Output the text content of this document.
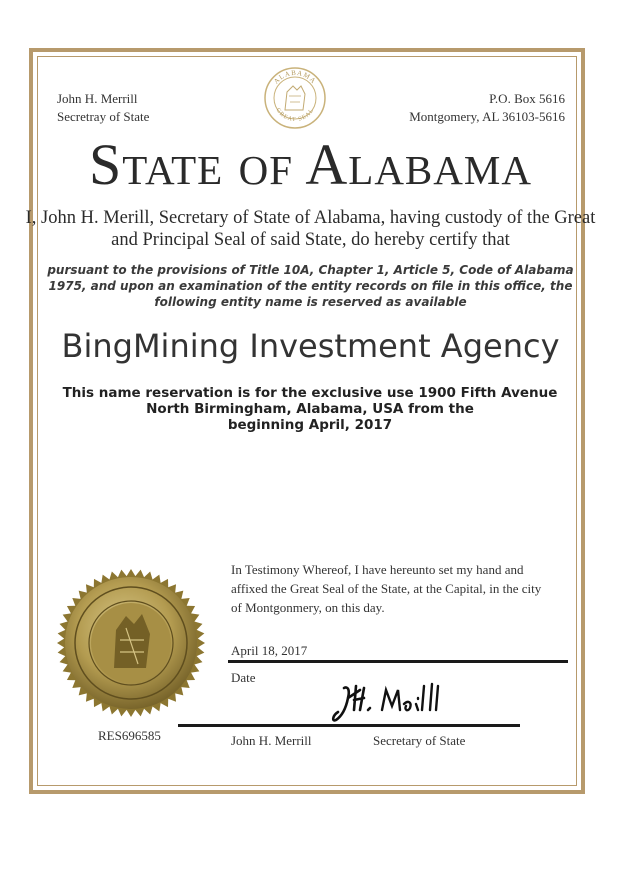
John H. Merrill
Secretray of State
ALABAMA
GREAT SEAL
P.O. Box 5616
Montgomery, AL 36103-5616
State of Alabama
I, John H. Merill, Secretary of State of Alabama, having custody of the Great and Principal Seal of said State, do hereby certify that
pursuant to the provisions of Title 10A, Chapter 1, Article 5, Code of Alabama 1975, and upon an examination of the entity records on file in this office, the following entity name is reserved as available
BingMining Investment Agency
This name reservation is for the exclusive use 1900 Fifth Avenue
North Birmingham, Alabama, USA from the
beginning April, 2017
In Testimony Whereof, I have hereunto set my hand and affixed the Great Seal of the State, at the Capital, in the city of Montgonmery, on this day.
April 18, 2017
Date
John H. Merrill	Secretary of State
RES696585
